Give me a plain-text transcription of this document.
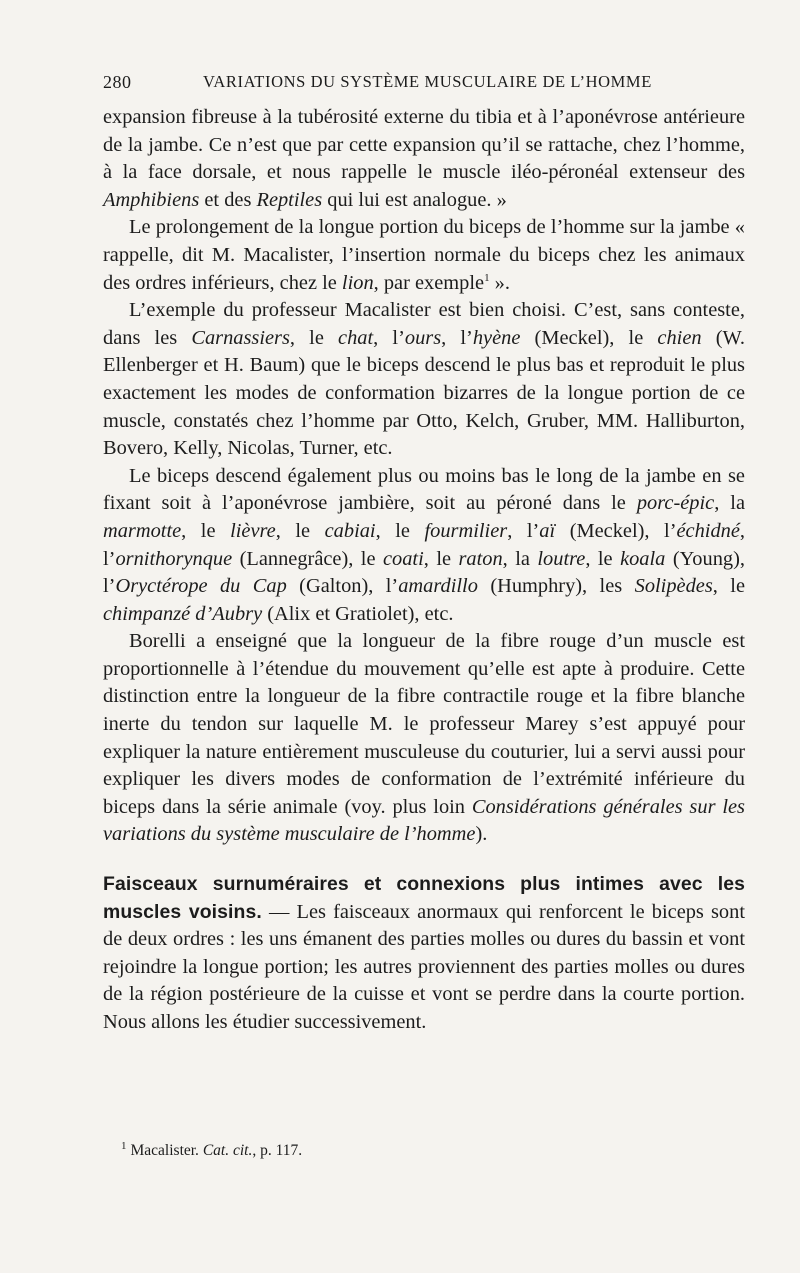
280	VARIATIONS DU SYSTÈME MUSCULAIRE DE L’HOMME

expansion fibreuse à la tubérosité externe du tibia et à l’aponévrose antérieure de la jambe. Ce n’est que par cette expansion qu’il se rattache, chez l’homme, à la face dorsale, et nous rappelle le muscle iléo-péronéal extenseur des Amphibiens et des Reptiles qui lui est analogue. »

Le prolongement de la longue portion du biceps de l’homme sur la jambe « rappelle, dit M. Macalister, l’insertion normale du biceps chez les animaux des ordres inférieurs, chez le lion, par exemple$^1$ ».

L’exemple du professeur Macalister est bien choisi. C’est, sans conteste, dans les Carnassiers, le chat, l’ours, l’hyène (Meckel), le chien (W. Ellenberger et H. Baum) que le biceps descend le plus bas et reproduit le plus exactement les modes de conformation bizarres de la longue portion de ce muscle, constatés chez l’homme par Otto, Kelch, Gruber, MM. Halliburton, Bovero, Kelly, Nicolas, Turner, etc.

Le biceps descend également plus ou moins bas le long de la jambe en se fixant soit à l’aponévrose jambière, soit au péroné dans le porc-épic, la marmotte, le lièvre, le cabiai, le fourmilier, l’aï (Meckel), l’échidné, l’ornithorynque (Lannegrâce), le coati, le raton, la loutre, le koala (Young), l’Oryctérope du Cap (Galton), l’amardillo (Humphry), les Solipèdes, le chimpanzé d’Aubry (Alix et Gratiolet), etc.

Borelli a enseigné que la longueur de la fibre rouge d’un muscle est proportionnelle à l’étendue du mouvement qu’elle est apte à produire. Cette distinction entre la longueur de la fibre contractile rouge et la fibre blanche inerte du tendon sur laquelle M. le professeur Marey s’est appuyé pour expliquer la nature entièrement musculeuse du couturier, lui a servi aussi pour expliquer les divers modes de conformation de l’extrémité inférieure du biceps dans la série animale (voy. plus loin Considérations générales sur les variations du système musculaire de l’homme).

Faisceaux surnuméraires et connexions plus intimes avec les muscles voisins. — Les faisceaux anormaux qui renforcent le biceps sont de deux ordres : les uns émanent des parties molles ou dures du bassin et vont rejoindre la longue portion; les autres proviennent des parties molles ou dures de la région postérieure de la cuisse et vont se perdre dans la courte portion. Nous allons les étudier successivement.

$^1$ Macalister. Cat. cit., p. 117.
